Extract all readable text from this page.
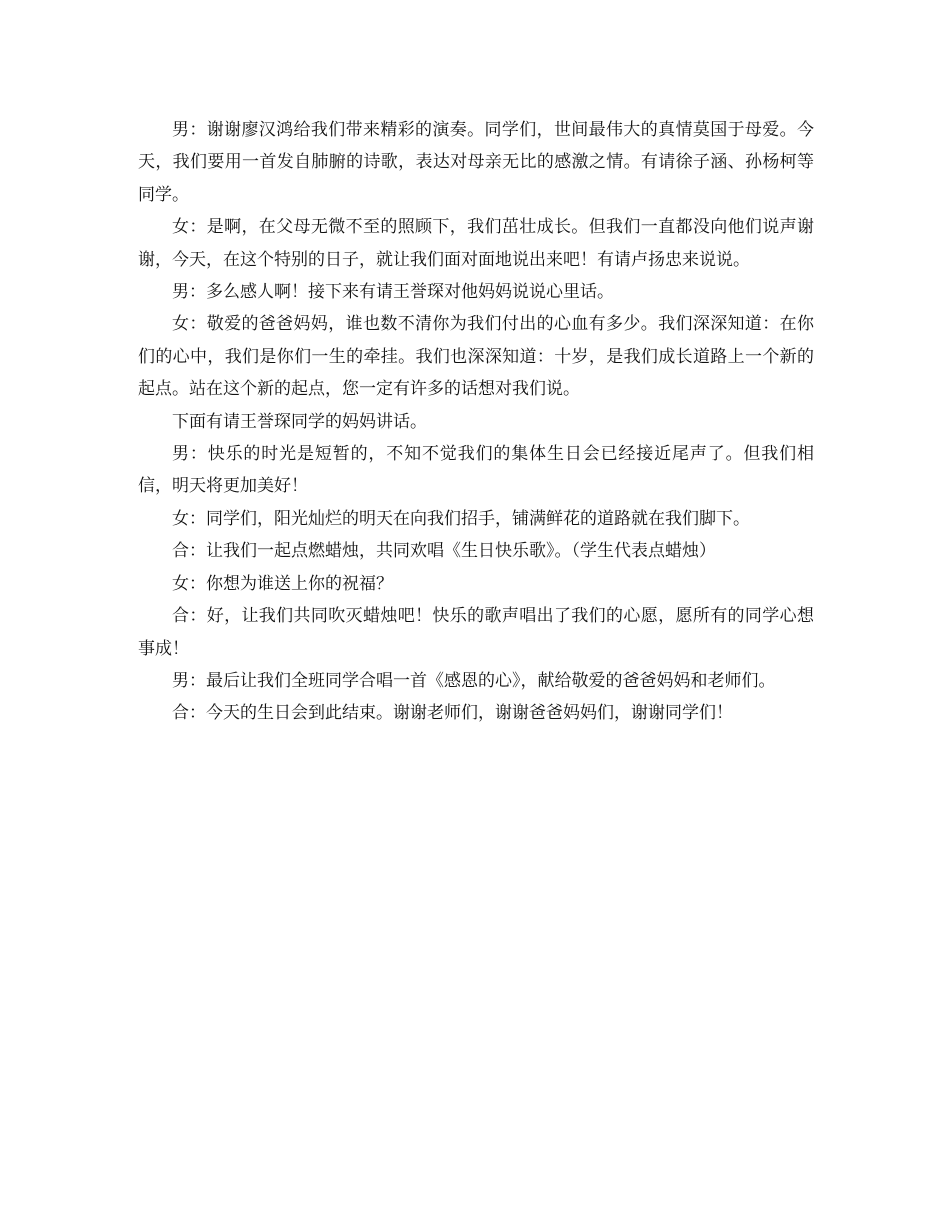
男：谢谢廖汉鸿给我们带来精彩的演奏。同学们，世间最伟大的真情莫国于母爱。今天，我们要用一首发自肺腑的诗歌，表达对母亲无比的感激之情。有请徐子涵、孙杨柯等同学。

女：是啊，在父母无微不至的照顾下，我们茁壮成长。但我们一直都没向他们说声谢谢，今天，在这个特别的日子，就让我们面对面地说出来吧！有请卢扬忠来说说。

男：多么感人啊！接下来有请王誉琛对他妈妈说说心里话。

女：敬爱的爸爸妈妈，谁也数不清你为我们付出的心血有多少。我们深深知道：在你们的心中，我们是你们一生的牵挂。我们也深深知道：十岁，是我们成长道路上一个新的起点。站在这个新的起点，您一定有许多的话想对我们说。

下面有请王誉琛同学的妈妈讲话。

男：快乐的时光是短暂的，不知不觉我们的集体生日会已经接近尾声了。但我们相信，明天将更加美好！

女：同学们，阳光灿烂的明天在向我们招手，铺满鲜花的道路就在我们脚下。

合：让我们一起点燃蜡烛，共同欢唱《生日快乐歌》。（学生代表点蜡烛）

女：你想为谁送上你的祝福？

合：好，让我们共同吹灭蜡烛吧！快乐的歌声唱出了我们的心愿，愿所有的同学心想事成！

男：最后让我们全班同学合唱一首《感恩的心》，献给敬爱的爸爸妈妈和老师们。

合：今天的生日会到此结束。谢谢老师们，谢谢爸爸妈妈们，谢谢同学们！
